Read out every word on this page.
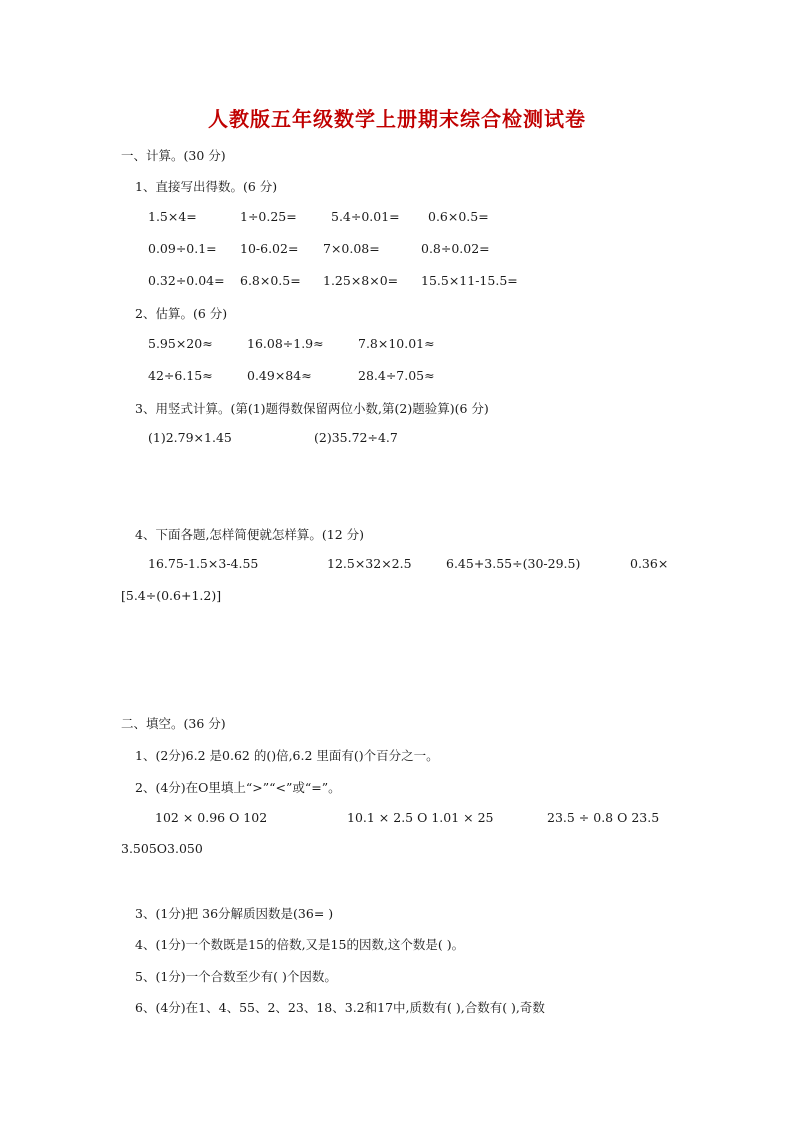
人教版五年级数学上册期末综合检测试卷
一、计算。(30 分)
1、直接写出得数。(6 分)
1.5×4=	1÷0.25=	5.4÷0.01= 0.6×0.5=
0.09÷0.1= 10-6.02= 7×0.08=	0.8÷0.02=
0.32÷0.04= 6.8×0.5= 1.25×8×0= 15.5×11-15.5=
2、估算。(6 分)
5.95×20≈	16.08÷1.9≈	7.8×10.01≈
42÷6.15≈	0.49×84≈	28.4÷7.05≈
3、用竖式计算。(第(1)题得数保留两位小数,第(2)题验算)(6 分)
(1)2.79×1.45	(2)35.72÷4.7
4、下面各题,怎样简便就怎样算。(12 分)
16.75-1.5×3-4.55	12.5×32×2.5	6.45+3.55÷(30-29.5)	0.36×
[5.4÷(0.6+1.2)]
二、填空。(36 分)
1、(2分)6.2 是0.62 的()倍,6.2 里面有()个百分之一。
2、(4分)在O里填上“>”“<”或“=”。
102 × 0.96 O 102	10.1 × 2.5 O 1.01 × 25	23.5 ÷ 0.8 O 23.5
3.505O3.050
3、(1分)把 36分解质因数是(36= )
4、(1分)一个数既是15的倍数,又是15的因数,这个数是( )。
5、(1分)一个合数至少有( )个因数。
6、(4分)在1、4、55、2、23、18、3.2和17中,质数有( ),合数有( ),奇数
